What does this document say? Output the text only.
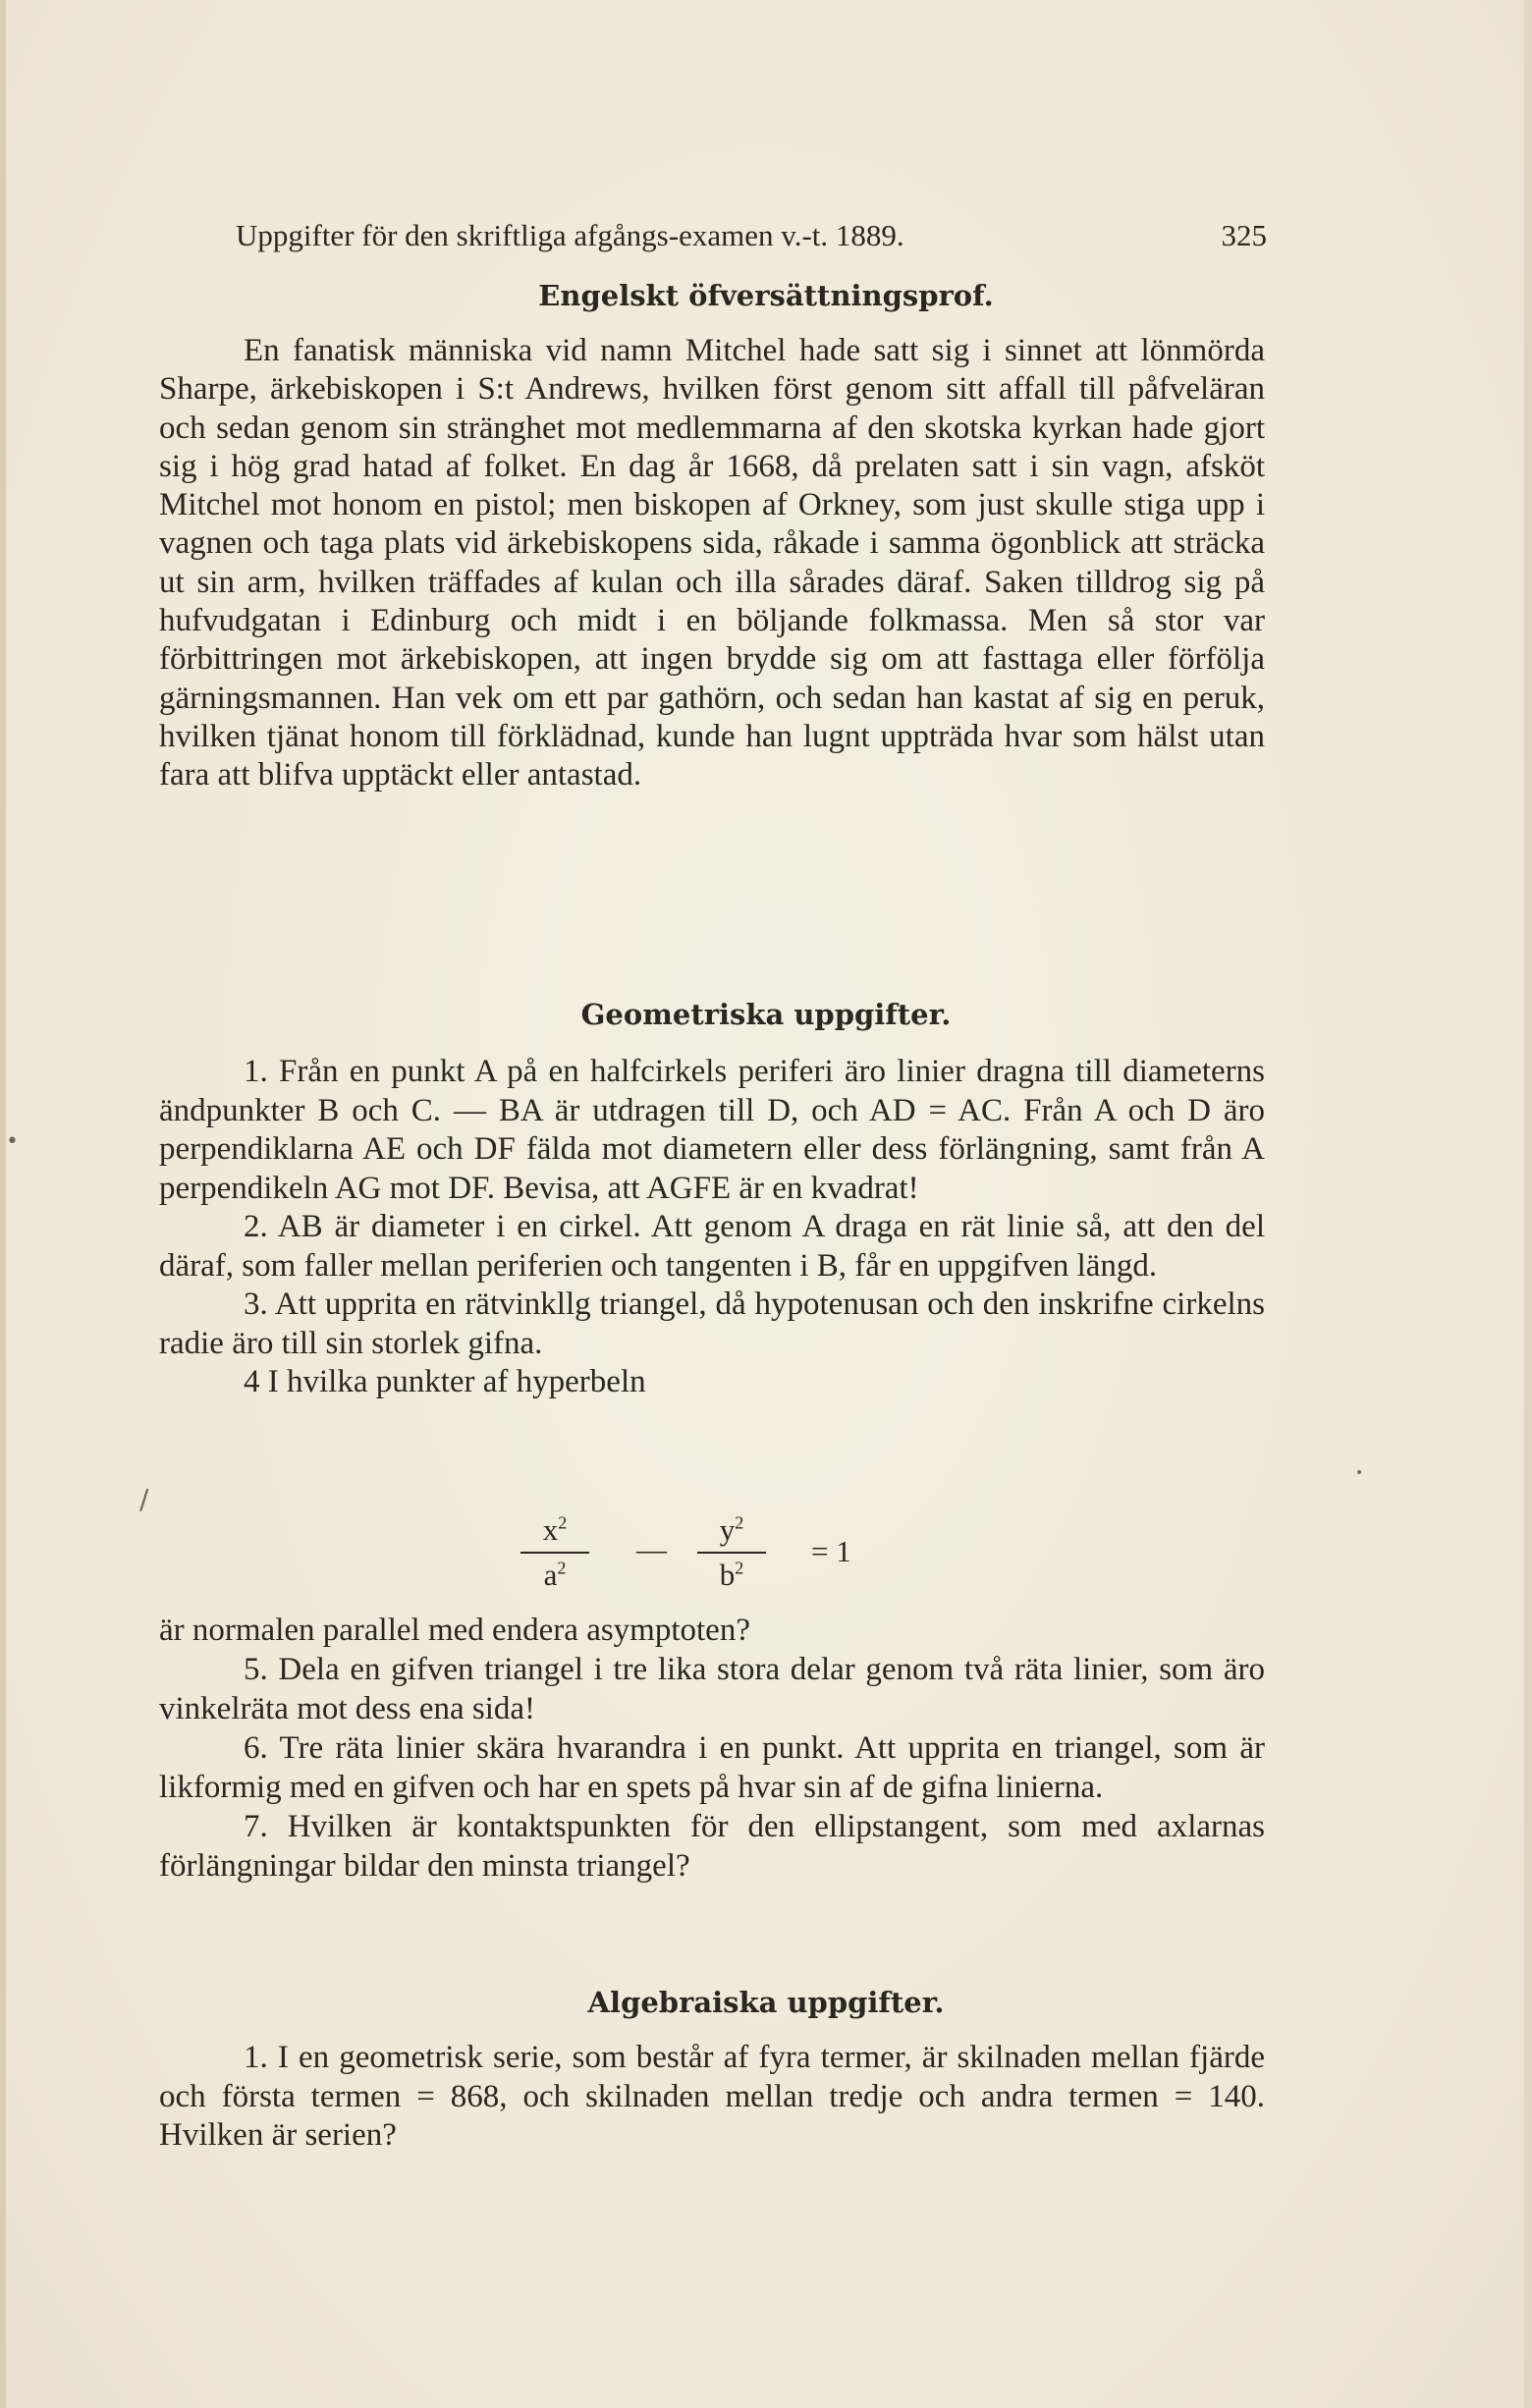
Uppgifter för den skriftliga afgångs-examen v.-t. 1889.	325
Engelskt öfversättningsprof.

En fanatisk människa vid namn Mitchel hade satt sig i sinnet att lönmörda Sharpe, ärkebiskopen i S:t Andrews, hvilken först genom sitt affall till påfveläran och sedan genom sin stränghet mot medlemmarna af den skotska kyrkan hade gjort sig i hög grad hatad af folket. En dag år 1668, då prelaten satt i sin vagn, afsköt Mitchel mot honom en pistol; men biskopen af Orkney, som just skulle stiga upp i vagnen och taga plats vid ärkebiskopens sida, råkade i samma ögonblick att sträcka ut sin arm, hvilken träffades af kulan och illa sårades däraf. Saken tilldrog sig på hufvudgatan i Edinburg och midt i en böljande folkmassa. Men så stor var förbittringen mot ärkebiskopen, att ingen brydde sig om att fasttaga eller förfölja gärningsmannen. Han vek om ett par gathörn, och sedan han kastat af sig en peruk, hvilken tjänat honom till förklädnad, kunde han lugnt uppträda hvar som hälst utan fara att blifva upptäckt eller antastad.

Geometriska uppgifter.

1. Från en punkt A på en halfcirkels periferi äro linier dragna till diameterns ändpunkter B och C. — BA är utdragen till D, och AD = AC. Från A och D äro perpendiklarna AE och DF fälda mot diametern eller dess förlängning, samt från A perpendikeln AG mot DF. Bevisa, att AGFE är en kvadrat!

2. AB är diameter i en cirkel. Att genom A draga en rät linie så, att den del däraf, som faller mellan periferien och tangenten i B, får en uppgifven längd.

3. Att upprita en rätvinkllg triangel, då hypotenusan och den inskrifne cirkelns radie äro till sin storlek gifna.

4 I hvilka punkter af hyperbeln

$x^2$
$a^2$
—
$y^2$
$b^2$	= 1

är normalen parallel med endera asymptoten?

5. Dela en gifven triangel i tre lika stora delar genom två räta linier, som äro vinkelräta mot dess ena sida!

6. Tre räta linier skära hvarandra i en punkt. Att upprita en triangel, som är likformig med en gifven och har en spets på hvar sin af de gifna linierna.

7. Hvilken är kontaktspunkten för den ellipstangent, som med axlarnas förlängningar bildar den minsta triangel?

Algebraiska uppgifter.

1. I en geometrisk serie, som består af fyra termer, är skilnaden mellan fjärde och första termen = 868, och skilnaden mellan tredje och andra termen = 140. Hvilken är serien?

•
/
•
